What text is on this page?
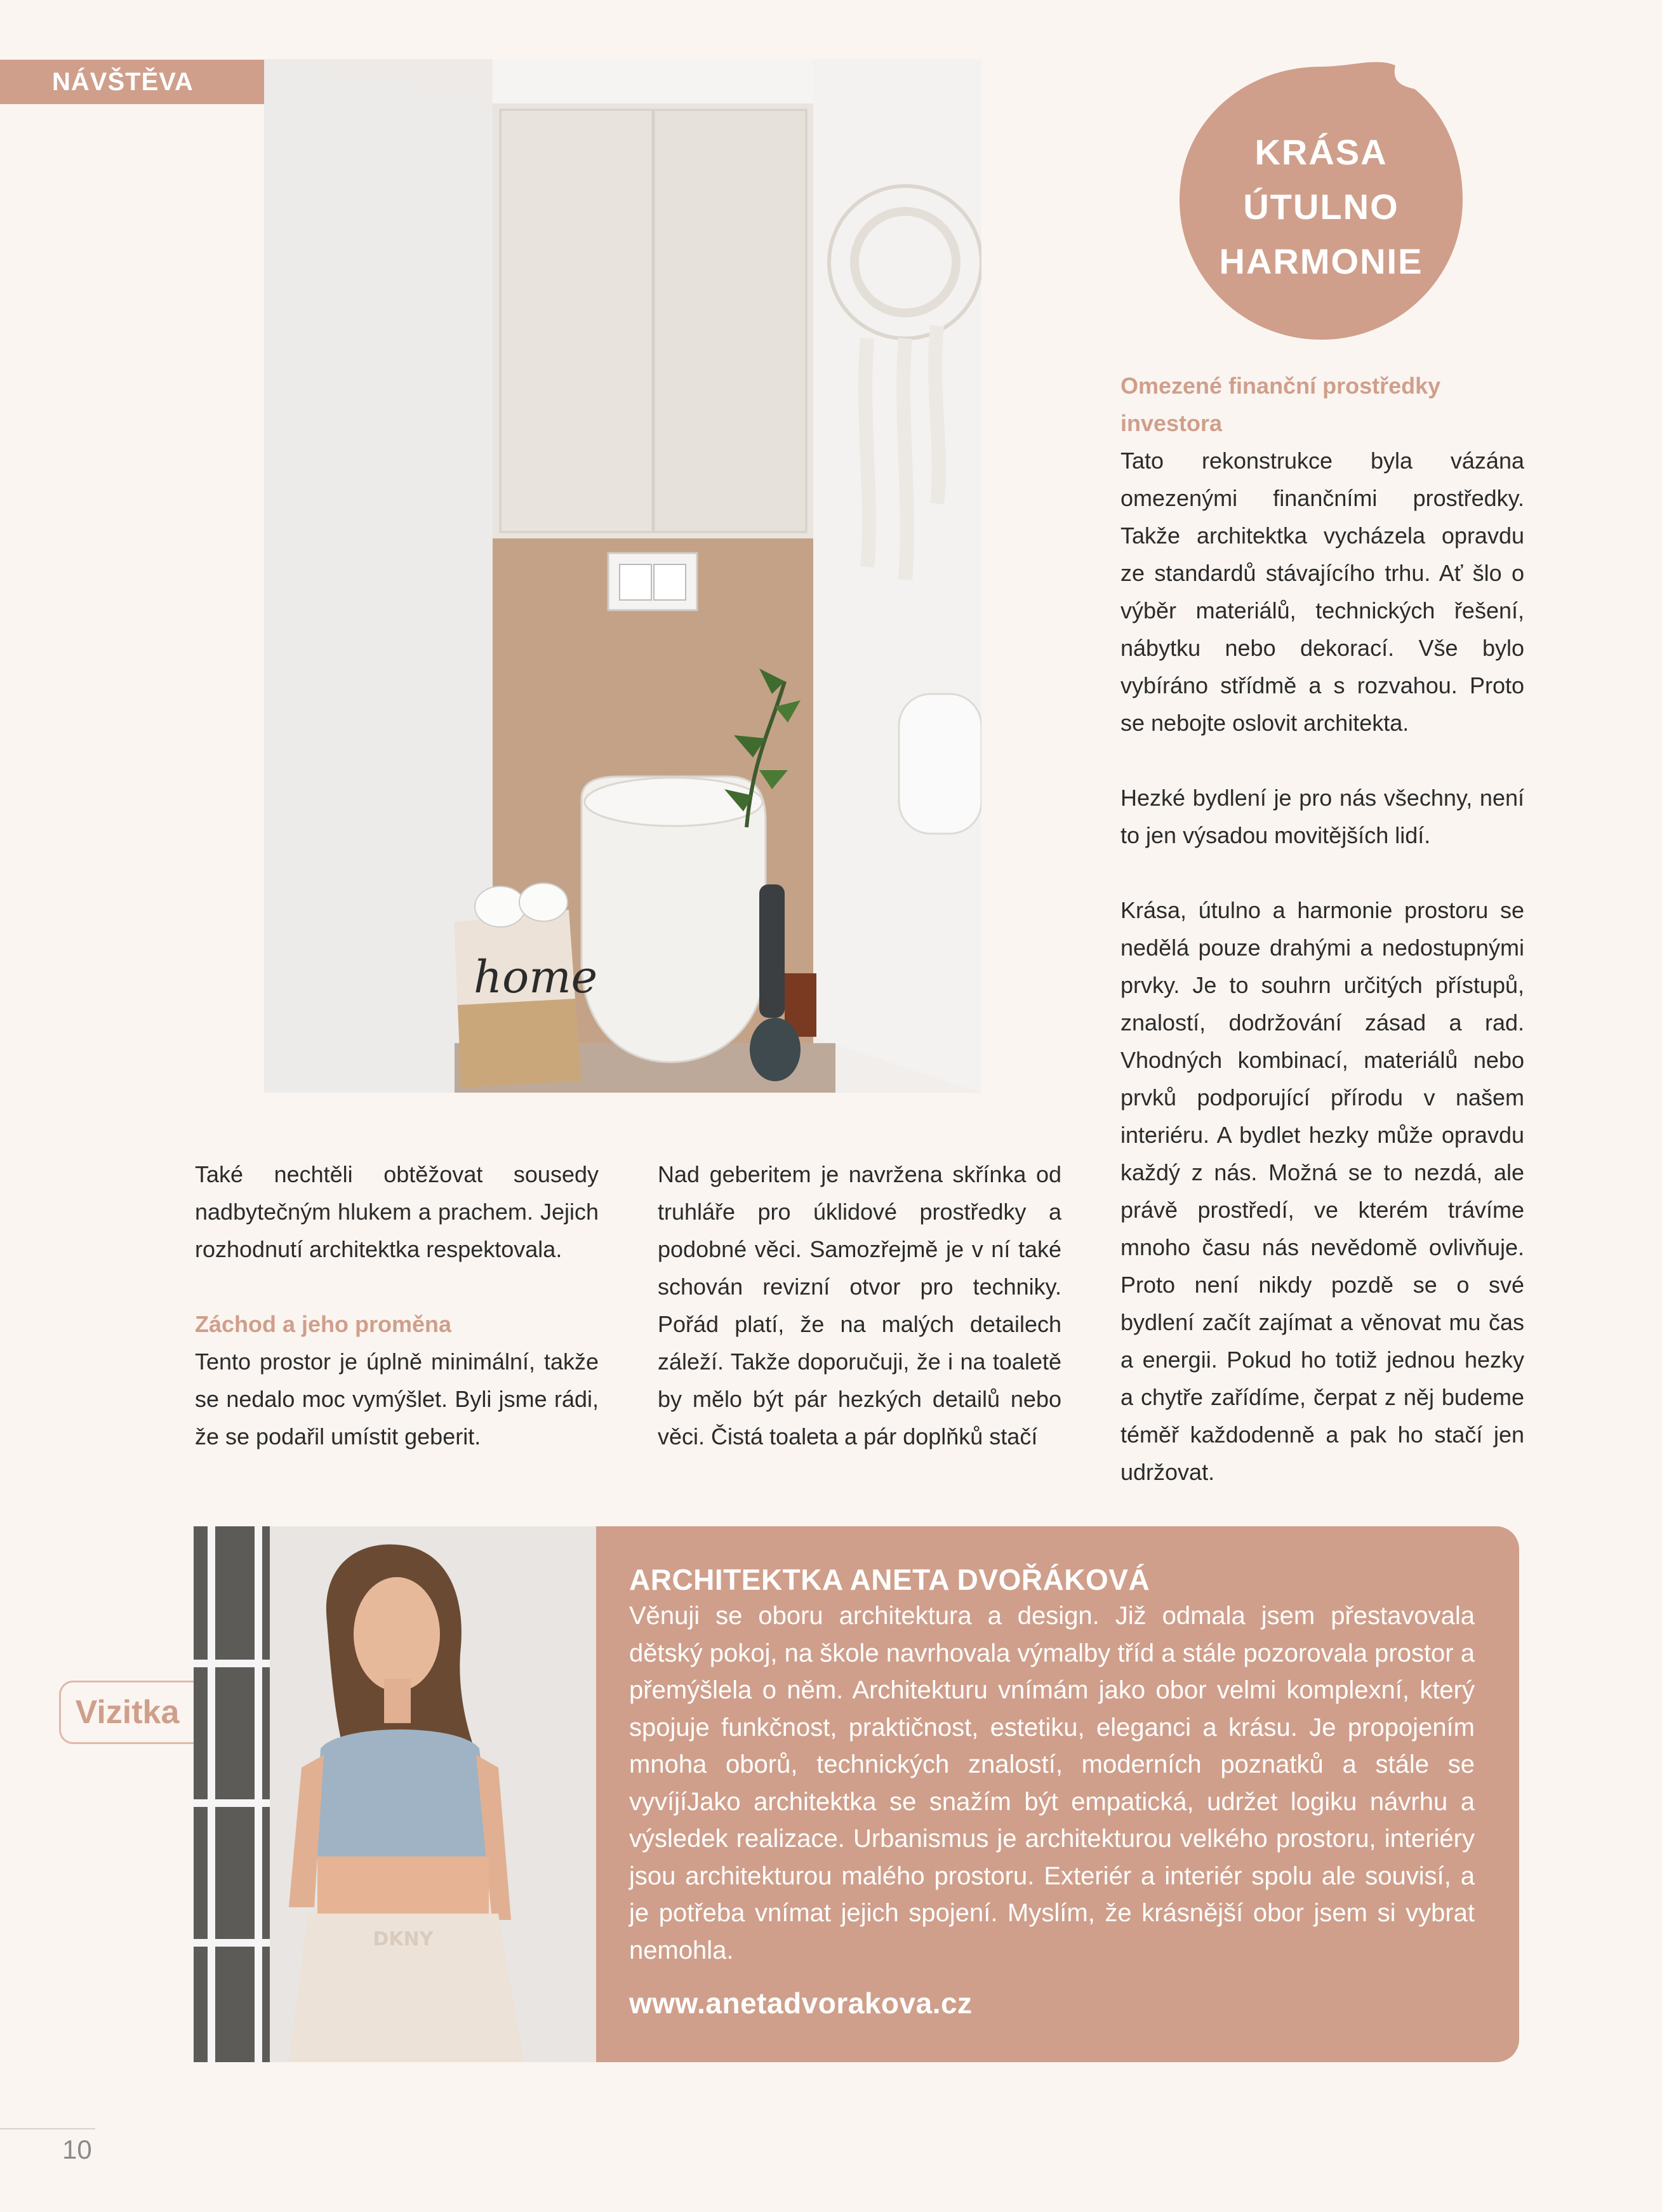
NÁVŠTĚVA
home
KRÁSA
ÚTULNO
HARMONIE
Omezené finanční prostředky
investora

Tato rekonstrukce byla vázána omezenými finančními prostředky. Takže architektka vycházela opravdu ze standardů stávajícího trhu. Ať šlo o výběr materiálů, technických řešení, nábytku nebo dekorací. Vše bylo vybíráno střídmě a s rozvahou. Proto se nebojte oslovit architekta.

Hezké bydlení je pro nás všechny, není to jen výsadou movitějších lidí.

Krása, útulno a harmonie prostoru se nedělá pouze drahými a nedostupnými prvky. Je to souhrn určitých přístupů, znalostí, dodržování zásad a rad. Vhodných kombinací, materiálů nebo prvků podporující přírodu v našem interiéru. A bydlet hezky může opravdu každý z nás. Možná se to nezdá, ale právě prostředí, ve kterém trávíme mnoho času nás nevědomě ovlivňuje. Proto není nikdy pozdě se o své bydlení začít zajímat a věnovat mu čas a energii. Pokud ho totiž jednou hezky a chytře zařídíme, čerpat z něj budeme téměř každodenně a pak ho stačí jen udržovat.

Také nechtěli obtěžovat sousedy nadbytečným hlukem a prachem. Jejich rozhodnutí architektka respektovala.

Záchod a jeho proměna

Tento prostor je úplně minimální, takže se nedalo moc vymýšlet. Byli jsme rádi, že se podařil umístit geberit.

Nad geberitem je navržena skřínka od truhláře pro úklidové prostředky a podobné věci. Samozřejmě je v ní také schován revizní otvor pro techniky. Pořád platí, že na malých detailech záleží. Takže doporučuji, že i na toaletě by mělo být pár hezkých detailů nebo věci. Čistá toaleta a pár doplňků stačí

Vizitka
DKNY
ARCHITEKTKA ANETA DVOŘÁKOVÁ
Věnuji se oboru architektura a design. Již odmala jsem přestavovala dětský pokoj, na škole navrhovala výmalby tříd a stále pozorovala prostor a přemýšlela o něm. Architekturu vnímám jako obor velmi komplexní, který spojuje funkčnost, praktičnost, estetiku, eleganci a krásu. Je propojením mnoha oborů, technických znalostí, moderních poznatků a stále se vyvíjíJako architektka se snažím být empatická, udržet logiku návrhu a výsledek realizace. Urbanismus je architekturou velkého prostoru, interiéry jsou architekturou malého prostoru. Exteriér a interiér spolu ale souvisí, a je potřeba vnímat jejich spojení. Myslím, že krásnější obor jsem si vybrat nemohla.
www.anetadvorakova.cz
10
